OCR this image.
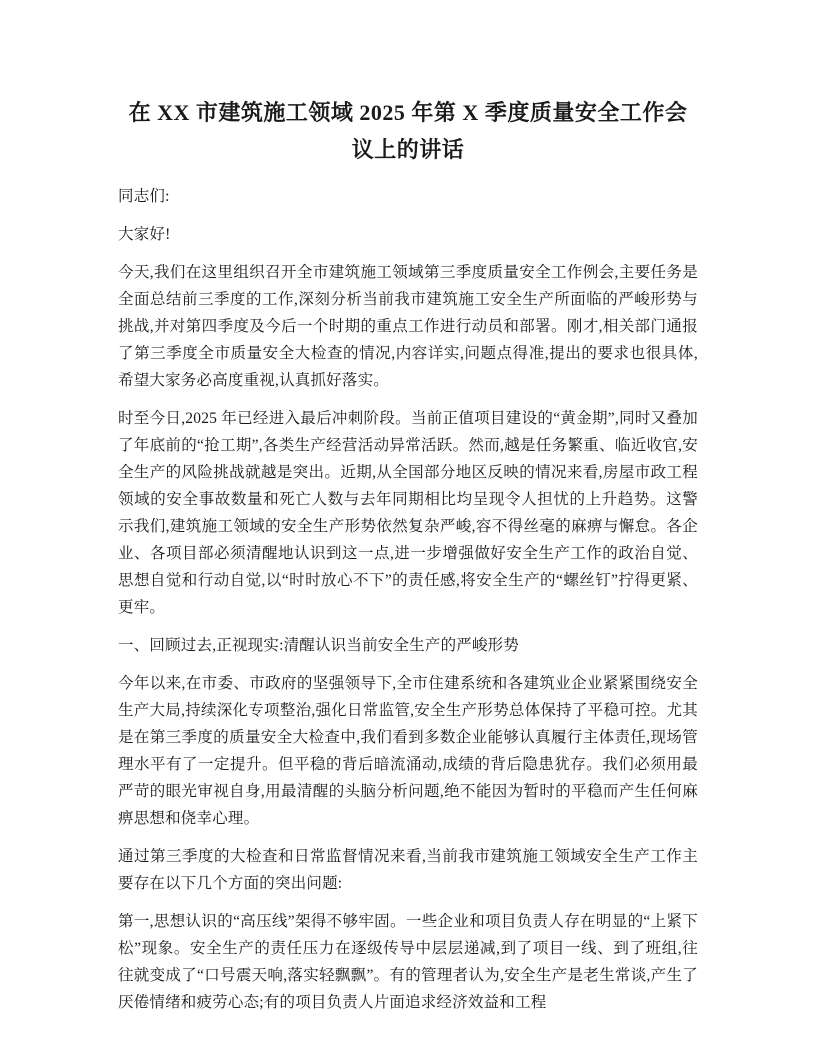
在 XX 市建筑施工领域 2025 年第 X 季度质量安全工作会议上的讲话

同志们:

大家好!

今天,我们在这里组织召开全市建筑施工领域第三季度质量安全工作例会,主要任务是全面总结前三季度的工作,深刻分析当前我市建筑施工安全生产所面临的严峻形势与挑战,并对第四季度及今后一个时期的重点工作进行动员和部署。刚才,相关部门通报了第三季度全市质量安全大检查的情况,内容详实,问题点得准,提出的要求也很具体,希望大家务必高度重视,认真抓好落实。

时至今日,2025 年已经进入最后冲刺阶段。当前正值项目建设的“黄金期”,同时又叠加了年底前的“抢工期”,各类生产经营活动异常活跃。然而,越是任务繁重、临近收官,安全生产的风险挑战就越是突出。近期,从全国部分地区反映的情况来看,房屋市政工程领域的安全事故数量和死亡人数与去年同期相比均呈现令人担忧的上升趋势。这警示我们,建筑施工领域的安全生产形势依然复杂严峻,容不得丝毫的麻痹与懈怠。各企业、各项目部必须清醒地认识到这一点,进一步增强做好安全生产工作的政治自觉、思想自觉和行动自觉,以“时时放心不下”的责任感,将安全生产的“螺丝钉”拧得更紧、更牢。

一、回顾过去,正视现实:清醒认识当前安全生产的严峻形势

今年以来,在市委、市政府的坚强领导下,全市住建系统和各建筑业企业紧紧围绕安全生产大局,持续深化专项整治,强化日常监管,安全生产形势总体保持了平稳可控。尤其是在第三季度的质量安全大检查中,我们看到多数企业能够认真履行主体责任,现场管理水平有了一定提升。但平稳的背后暗流涌动,成绩的背后隐患犹存。我们必须用最严苛的眼光审视自身,用最清醒的头脑分析问题,绝不能因为暂时的平稳而产生任何麻痹思想和侥幸心理。

通过第三季度的大检查和日常监督情况来看,当前我市建筑施工领域安全生产工作主要存在以下几个方面的突出问题:

第一,思想认识的“高压线”架得不够牢固。一些企业和项目负责人存在明显的“上紧下松”现象。安全生产的责任压力在逐级传导中层层递减,到了项目一线、到了班组,往往就变成了“口号震天响,落实轻飘飘”。有的管理者认为,安全生产是老生常谈,产生了厌倦情绪和疲劳心态;有的项目负责人片面追求经济效益和工程
